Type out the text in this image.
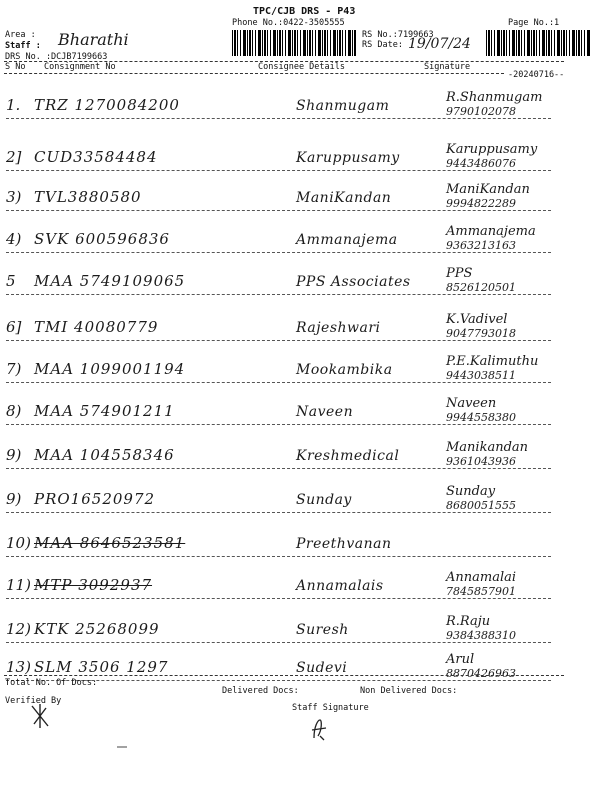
TPC/CJB DRS - P43
Phone No.:0422-3505555	Page No.:1
Area :
Staff : Bharathi
DRS No. :DCJB7199663
RS No.:7199663
RS Date: 19/07/24
S No Consignment No	Consignee Details	Signature
-20240716--
1. TRZ 1270084200	Shanmugam
R.Shanmugam
9790102078
2] CUD33584484	Karuppusamy
Karuppusamy
9443486076
3) TVL3880580	ManiKandan
ManiKandan
9994822289
4) SVK 600596836	Ammanajema
Ammanajema
9363213163
5 MAA 5749109065	PPS Associates
PPS
8526120501
6] TMI 40080779	Rajeshwari
K.Vadivel
9047793018
7) MAA 1099001194	Mookambika
P.E.Kalimuthu
9443038511
8) MAA 574901211	Naveen
Naveen
9944558380
9) MAA 104558346	Kreshmedical
Manikandan
9361043936
9) PRO16520972	Sunday
Sunday
8680051555
10) MAA 8646523581	Preethvanan
11) MTP 3092937	Annamalais
Annamalai
7845857901
12) KTK 25268099	Suresh
R.Raju
9384388310
13) SLM 3506 1297	Sudevi
Arul
8870426963
Total No. Of Docs:
Delivered Docs:	Non Delivered Docs:
Verified By
Staff Signature
